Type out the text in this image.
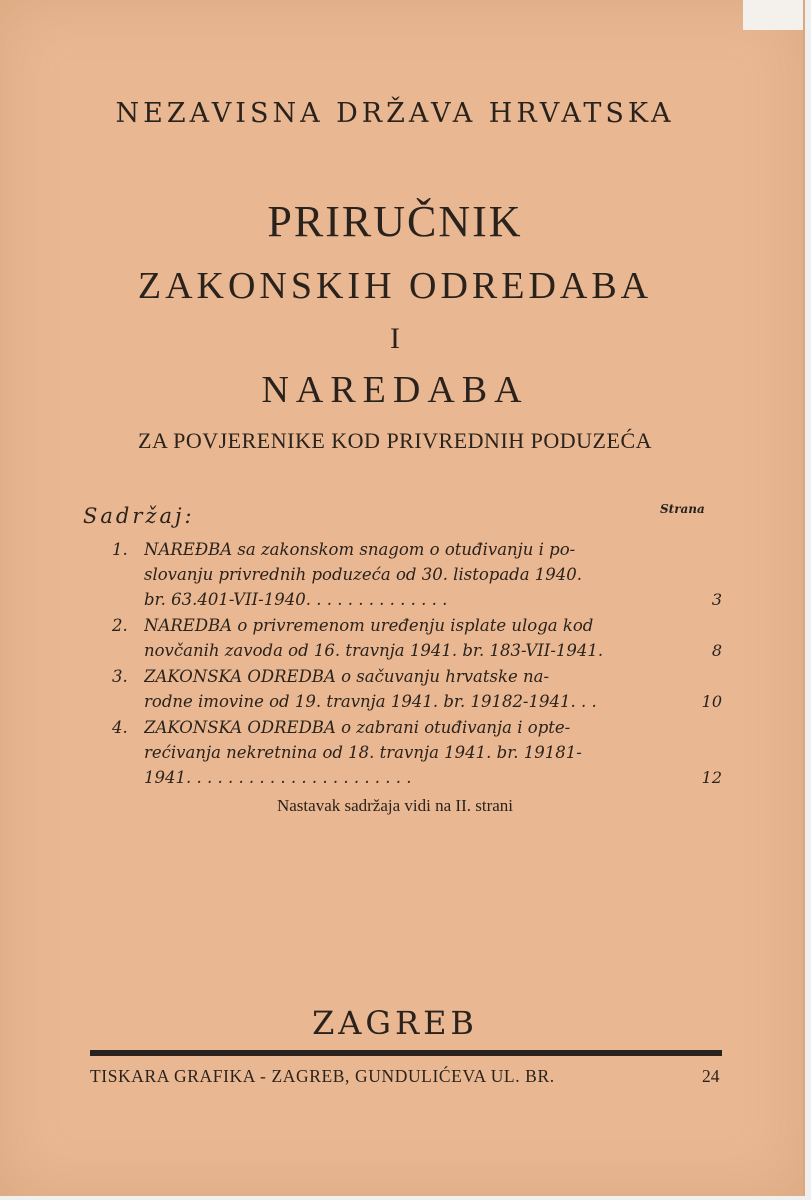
NEZAVISNA DRŽAVA HRVATSKA
PRIRUČNIK
ZAKONSKIH ODREDABA
I
NAREDABA
ZA POVJERENIKE KOD PRIVREDNIH PODUZEĆA
Sadržaj:	Strana
1. NAREĐBA sa zakonskom snagom o otuđivanju i po-
slovanju privrednih poduzeća od 30. listopada 1940.
br. 63.401-VII-1940. . . . . . . . . . . . . .	3
2. NAREDBA o privremenom uređenju isplate uloga kod
novčanih zavoda od 16. travnja 1941. br. 183-VII-1941.	8
3. ZAKONSKA ODREDBA o sačuvanju hrvatske na-
rodne imovine od 19. travnja 1941. br. 19182-1941. . .	10
4. ZAKONSKA ODREDBA o zabrani otuđivanja i opte-
rećivanja nekretnina od 18. travnja 1941. br. 19181-
1941. . . . . . . . . . . . . . . . . . . . . .	12
Nastavak sadržaja vidi na II. strani
ZAGREB
TISKARA GRAFIKA - ZAGREB, GUNDULIĆEVA UL. BR.	24
